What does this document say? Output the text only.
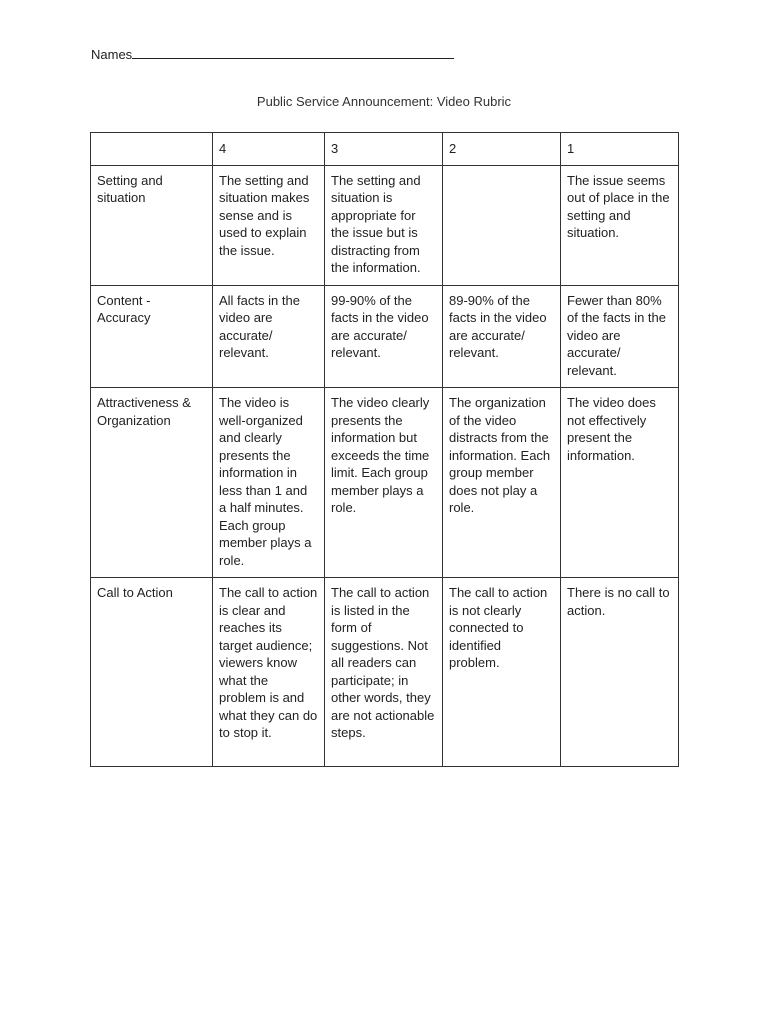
Names
Public Service Announcement: Video Rubric
	4	3	2	1
Setting and situation	The setting and situation makes sense and is used to explain the issue.	The setting and situation is appropriate for the issue but is distracting from the information.		The issue seems out of place in the setting and situation.
Content - Accuracy	All facts in the video are accurate/ relevant.	99-90% of the facts in the video are accurate/ relevant.	89-90% of the facts in the video are accurate/ relevant.	Fewer than 80% of the facts in the video are accurate/ relevant.
Attractiveness & Organization	The video is well-organized and clearly presents the information in less than 1 and a half minutes. Each group member plays a role.	The video clearly presents the information but exceeds the time limit. Each group member plays a role.	The organization of the video distracts from the information. Each group member does not play a role.	The video does not effectively present the information.
Call to Action	The call to action is clear and reaches its target audience; viewers know what the problem is and what they can do to stop it.	The call to action is listed in the form of suggestions. Not all readers can participate; in other words, they are not actionable steps.	The call to action is not clearly connected to identified problem.	There is no call to action.
